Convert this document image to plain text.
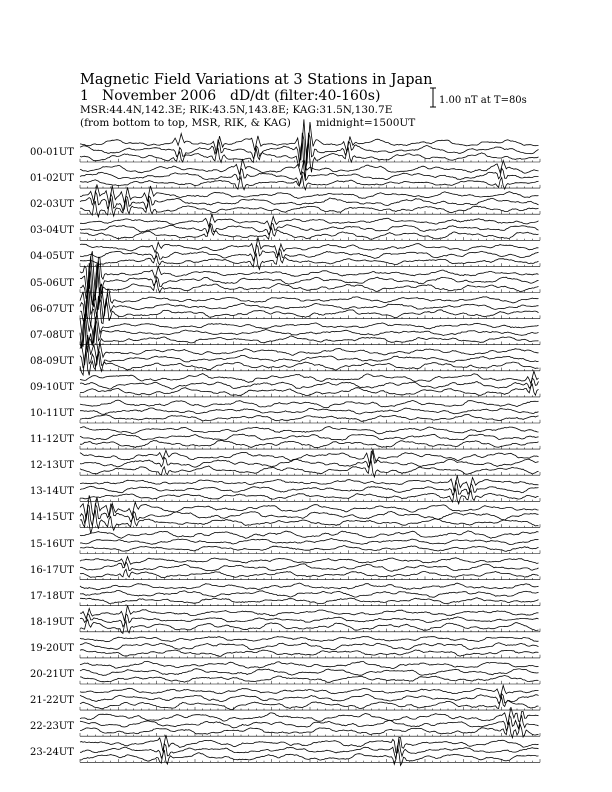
Magnetic Field Variations at 3 Stations in Japan
1 November 2006 dD/dt (filter:40-160s)
MSR:44.4N,142.3E; RIK:43.5N,143.8E; KAG:31.5N,130.7E
(from bottom to top, MSR, RIK, & KAG) midnight=1500UT
1.00 nT at T=80s
00-01UT
01-02UT
02-03UT
03-04UT
04-05UT
05-06UT
06-07UT
07-08UT
08-09UT
09-10UT
10-11UT
11-12UT
12-13UT
13-14UT
14-15UT
15-16UT
16-17UT
17-18UT
18-19UT
19-20UT
20-21UT
21-22UT
22-23UT
23-24UT
